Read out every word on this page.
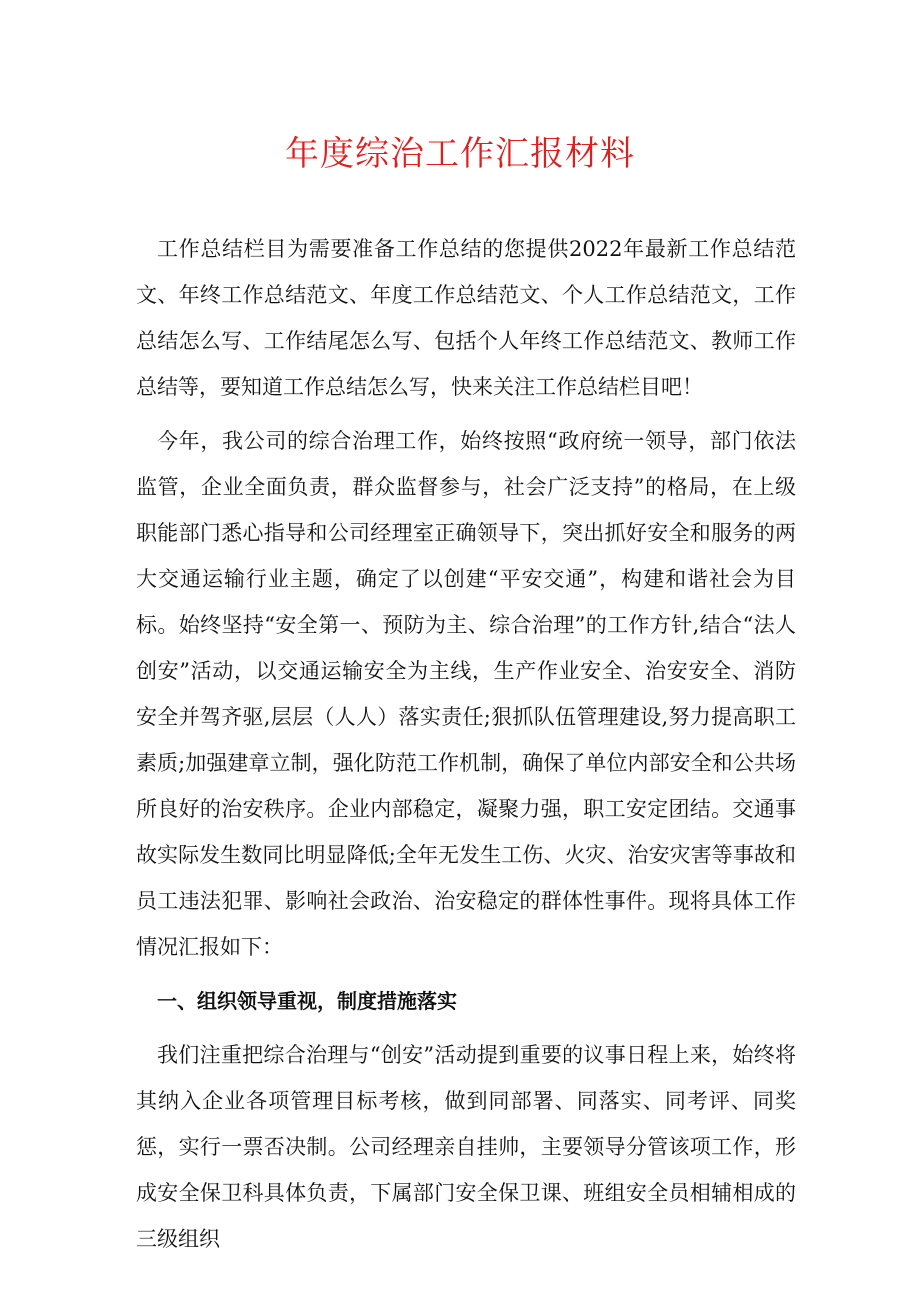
年度综治工作汇报材料

工作总结栏目为需要准备工作总结的您提供2022年最新工作总结范文、年终工作总结范文、年度工作总结范文、个人工作总结范文，工作总结怎么写、工作结尾怎么写、包括个人年终工作总结范文、教师工作总结等，要知道工作总结怎么写，快来关注工作总结栏目吧！

今年，我公司的综合治理工作，始终按照“政府统一领导，部门依法监管，企业全面负责，群众监督参与，社会广泛支持”的格局，在上级职能部门悉心指导和公司经理室正确领导下，突出抓好安全和服务的两大交通运输行业主题，确定了以创建“平安交通”，构建和谐社会为目标。始终坚持“安全第一、预防为主、综合治理”的工作方针,结合“法人创安”活动，以交通运输安全为主线，生产作业安全、治安安全、消防安全并驾齐驱,层层（人人）落实责任;狠抓队伍管理建设,努力提高职工素质;加强建章立制，强化防范工作机制，确保了单位内部安全和公共场所良好的治安秩序。企业内部稳定，凝聚力强，职工安定团结。交通事故实际发生数同比明显降低;全年无发生工伤、火灾、治安灾害等事故和员工违法犯罪、影响社会政治、治安稳定的群体性事件。现将具体工作情况汇报如下：

一、组织领导重视，制度措施落实

我们注重把综合治理与“创安”活动提到重要的议事日程上来，始终将其纳入企业各项管理目标考核，做到同部署、同落实、同考评、同奖惩，实行一票否决制。公司经理亲自挂帅，主要领导分管该项工作，形成安全保卫科具体负责，下属部门安全保卫课、班组安全员相辅相成的三级组织
